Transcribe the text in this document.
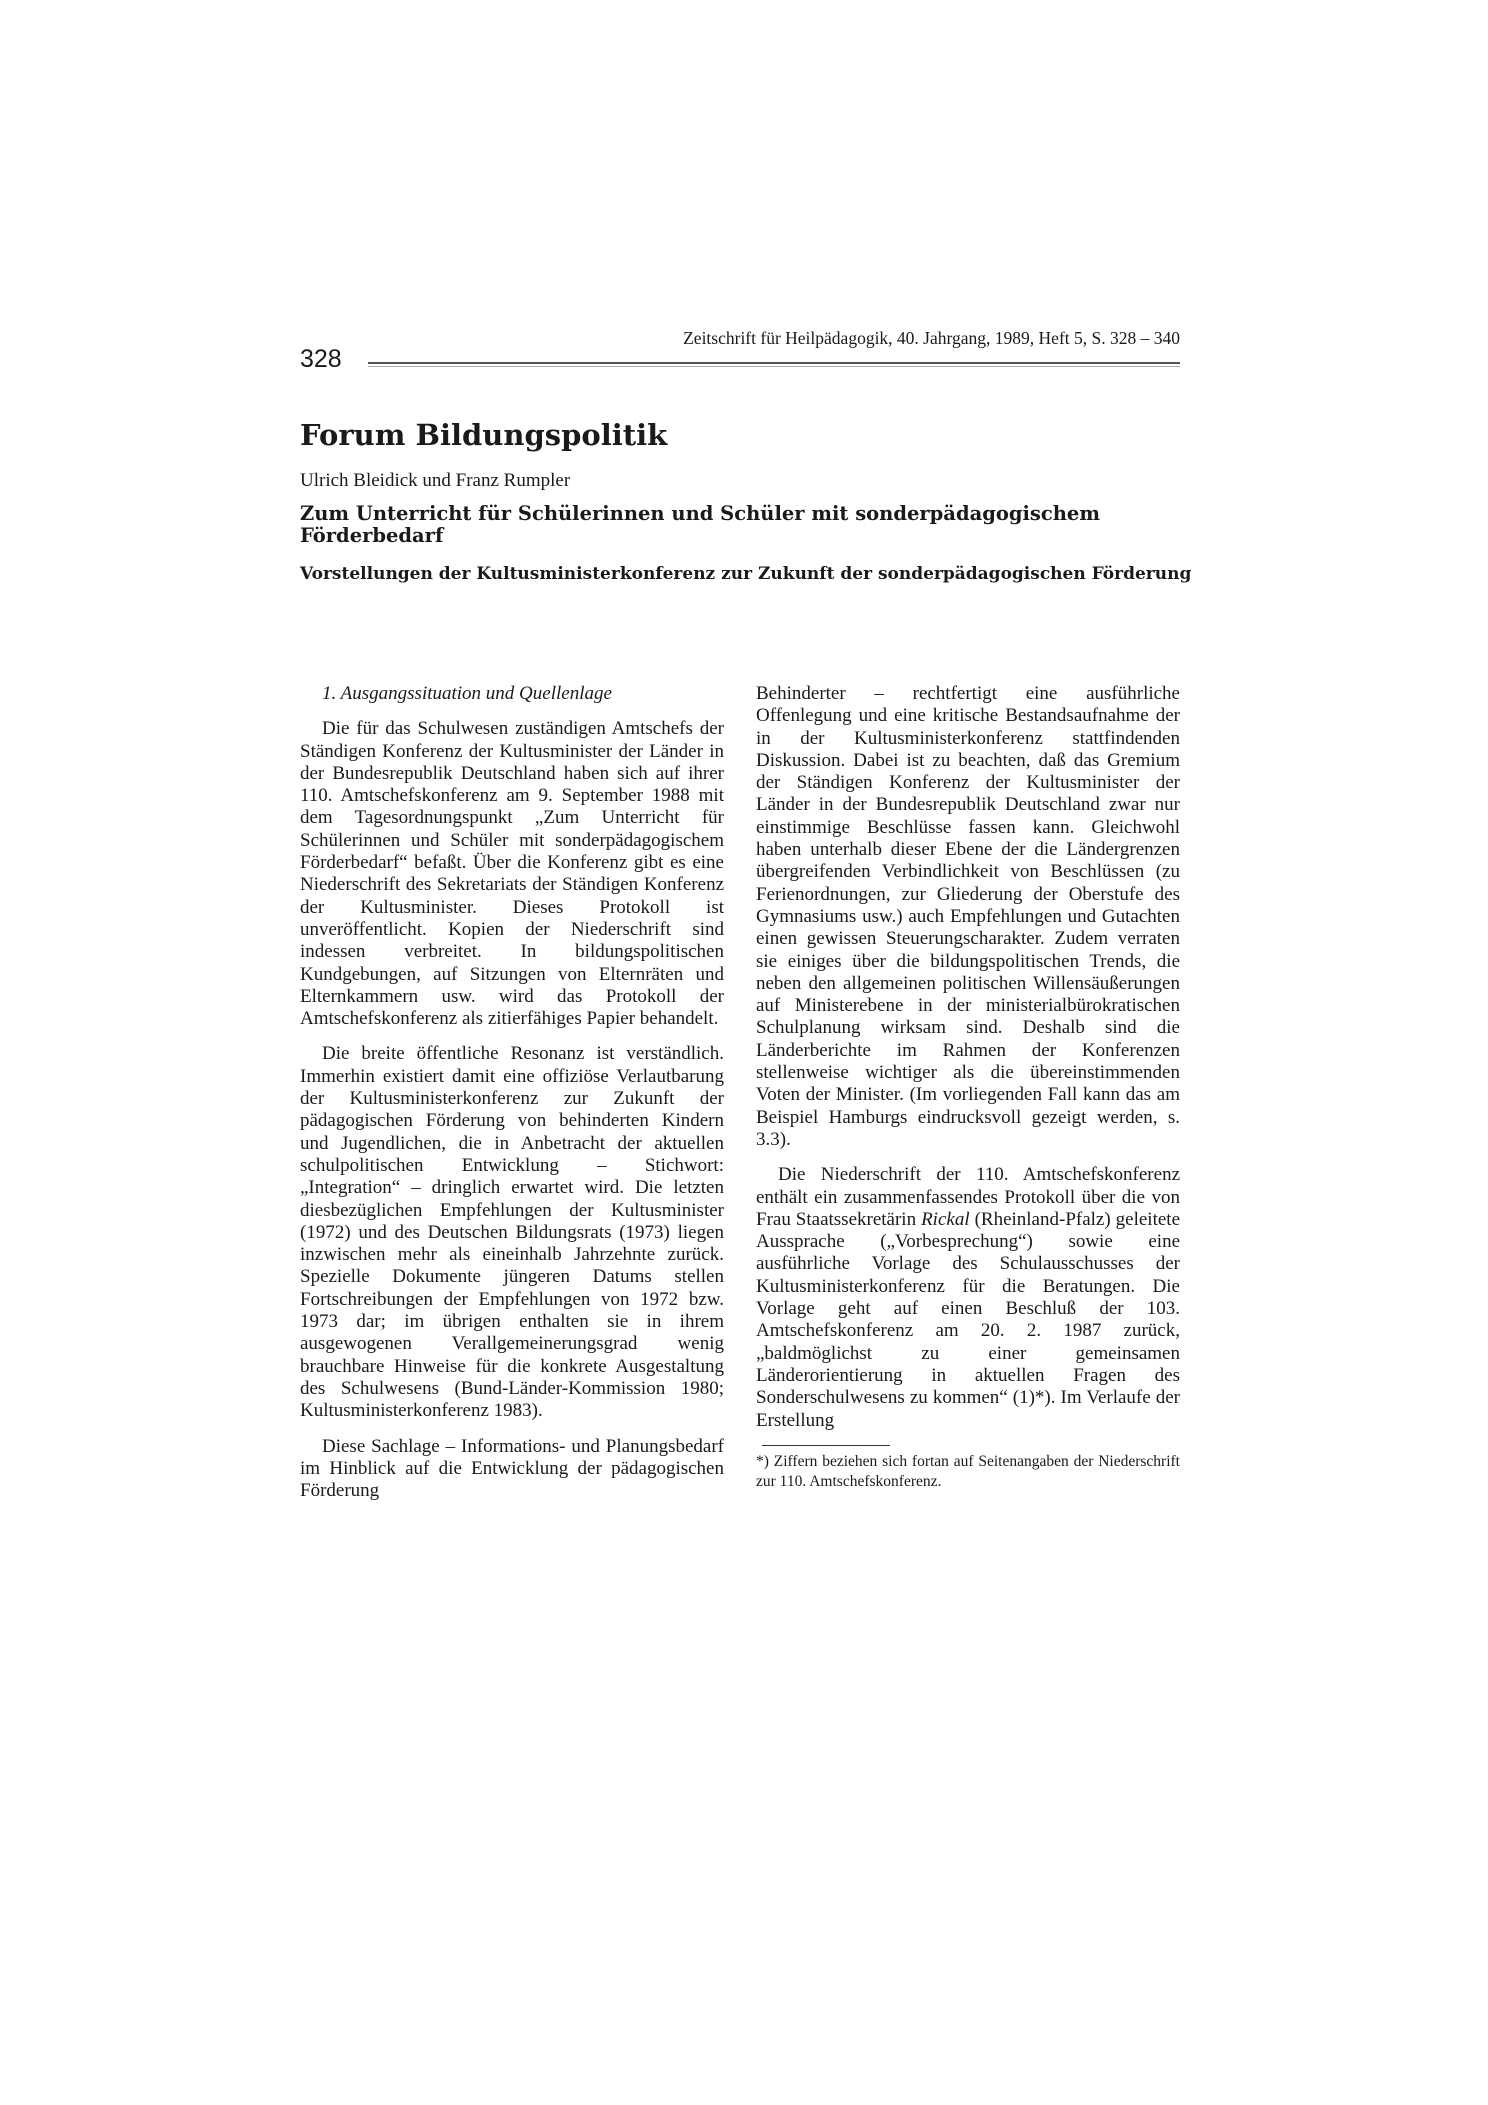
328
Zeitschrift für Heilpädagogik, 40. Jahrgang, 1989, Heft 5, S. 328 – 340
Forum Bildungspolitik
Ulrich Bleidick und Franz Rumpler
Zum Unterricht für Schülerinnen und Schüler mit sonderpädagogischem Förderbedarf
Vorstellungen der Kultusministerkonferenz zur Zukunft der sonderpädagogischen Förderung

1. Ausgangssituation und Quellenlage

Die für das Schulwesen zuständigen Amtschefs der Ständigen Konferenz der Kultusminister der Länder in der Bundesrepublik Deutschland haben sich auf ihrer 110. Amtschefskonferenz am 9. September 1988 mit dem Tagesordnungspunkt „Zum Unterricht für Schülerinnen und Schüler mit sonderpädagogischem Förderbedarf“ befaßt. Über die Konferenz gibt es eine Niederschrift des Sekretariats der Ständigen Konferenz der Kultusminister. Dieses Protokoll ist unveröffentlicht. Kopien der Niederschrift sind indessen verbreitet. In bildungspolitischen Kundgebungen, auf Sitzungen von Elternräten und Elternkammern usw. wird das Protokoll der Amtschefskonferenz als zitierfähiges Papier behandelt.

Die breite öffentliche Resonanz ist verständlich. Immerhin existiert damit eine offiziöse Verlautbarung der Kultusministerkonferenz zur Zukunft der pädagogischen Förderung von behinderten Kindern und Jugendlichen, die in Anbetracht der aktuellen schulpolitischen Entwicklung – Stichwort: „Integration“ – dringlich erwartet wird. Die letzten diesbezüglichen Empfehlungen der Kultusminister (1972) und des Deutschen Bildungsrats (1973) liegen inzwischen mehr als eineinhalb Jahrzehnte zurück. Spezielle Dokumente jüngeren Datums stellen Fortschreibungen der Empfehlungen von 1972 bzw. 1973 dar; im übrigen enthalten sie in ihrem ausgewogenen Verallgemeinerungsgrad wenig brauchbare Hinweise für die konkrete Ausgestaltung des Schulwesens (Bund-Länder-Kommission 1980; Kultusministerkonferenz 1983).

Diese Sachlage – Informations- und Planungsbedarf im Hinblick auf die Entwicklung der pädagogischen Förderung

Behinderter – rechtfertigt eine ausführliche Offenlegung und eine kritische Bestandsaufnahme der in der Kultusministerkonferenz stattfindenden Diskussion. Dabei ist zu beachten, daß das Gremium der Ständigen Konferenz der Kultusminister der Länder in der Bundesrepublik Deutschland zwar nur einstimmige Beschlüsse fassen kann. Gleichwohl haben unterhalb dieser Ebene der die Ländergrenzen übergreifenden Verbindlichkeit von Beschlüssen (zu Ferienordnungen, zur Gliederung der Oberstufe des Gymnasiums usw.) auch Empfehlungen und Gutachten einen gewissen Steuerungscharakter. Zudem verraten sie einiges über die bildungspolitischen Trends, die neben den allgemeinen politischen Willensäußerungen auf Ministerebene in der ministerialbürokratischen Schulplanung wirksam sind. Deshalb sind die Länderberichte im Rahmen der Konferenzen stellenweise wichtiger als die übereinstimmenden Voten der Minister. (Im vorliegenden Fall kann das am Beispiel Hamburgs eindrucksvoll gezeigt werden, s. 3.3).

Die Niederschrift der 110. Amtschefskonferenz enthält ein zusammenfassendes Protokoll über die von Frau Staatssekretärin Rickal (Rheinland-Pfalz) geleitete Aussprache („Vorbesprechung“) sowie eine ausführliche Vorlage des Schulausschusses der Kultusministerkonferenz für die Beratungen. Die Vorlage geht auf einen Beschluß der 103. Amtschefskonferenz am 20. 2. 1987 zurück, „baldmöglichst zu einer gemeinsamen Länderorientierung in aktuellen Fragen des Sonderschulwesens zu kommen“ (1)*). Im Verlaufe der Erstellung

*) Ziffern beziehen sich fortan auf Seitenangaben der Niederschrift zur 110. Amtschefskonferenz.
